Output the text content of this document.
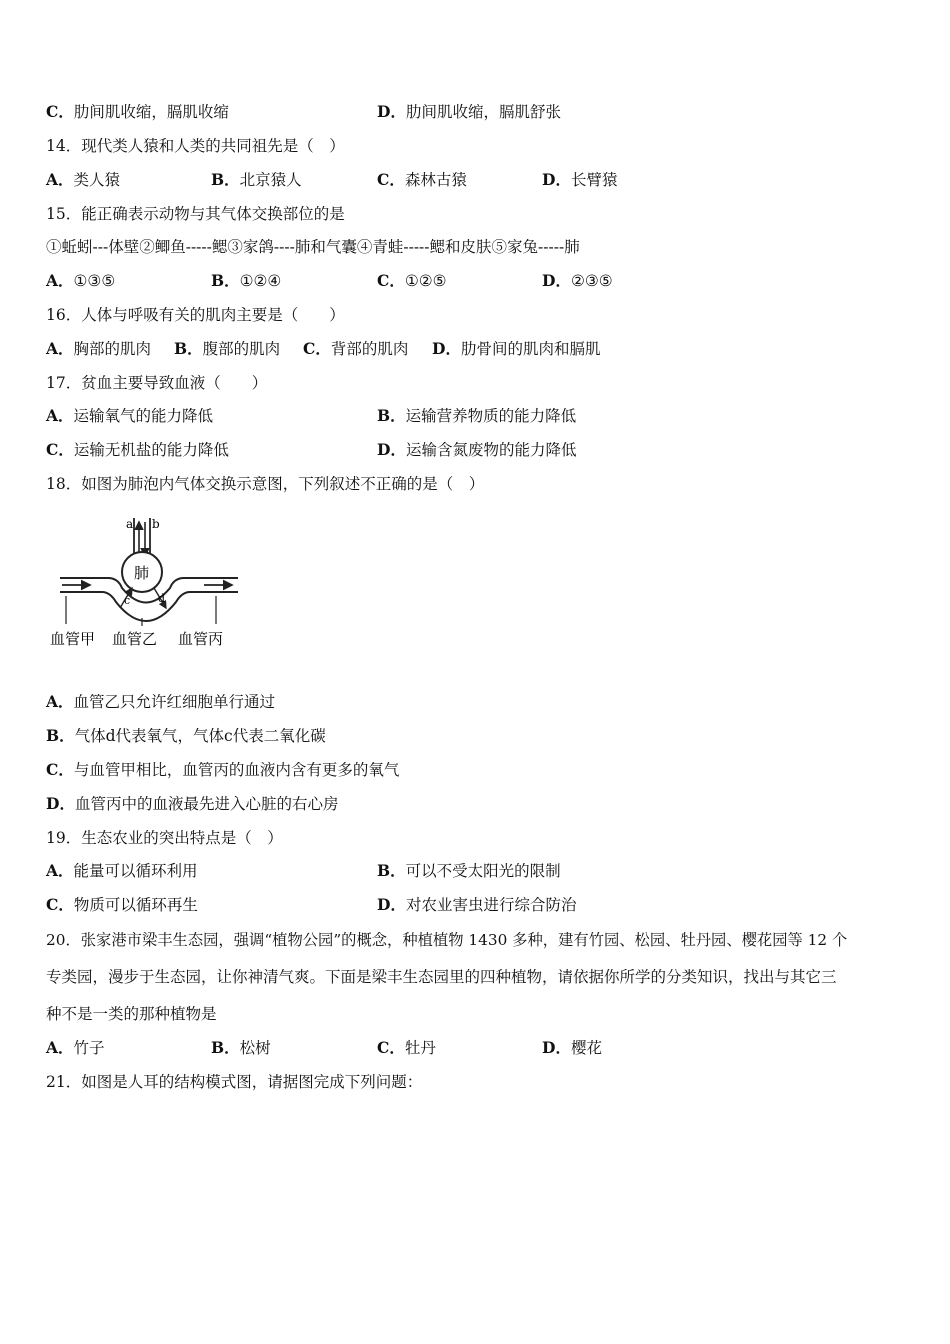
C．肋间肌收缩，膈肌收缩	D．肋间肌收缩，膈肌舒张
14．现代类人猿和人类的共同祖先是（　）
A．类人猿	B．北京猿人	C．森林古猿	D．长臂猿
15．能正确表示动物与其气体交换部位的是
①蚯蚓---体壁②鲫鱼-----鳃③家鸽----肺和气囊④青蛙-----鳃和皮肤⑤家兔-----肺
A．①③⑤	B．①②④	C．①②⑤	D．②③⑤
16．人体与呼吸有关的肌肉主要是（　　）
A．胸部的肌肉 B．腹部的肌肉 C．背部的肌肉 D．肋骨间的肌肉和膈肌
17．贫血主要导致血液（　　）
A．运输氧气的能力降低	B．运输营养物质的能力降低
C．运输无机盐的能力降低	D．运输含氮废物的能力降低
18．如图为肺泡内气体交换示意图，下列叙述不正确的是（　）
a b
肺
c	d
血管甲 血管乙 血管丙
A．血管乙只允许红细胞单行通过
B．气体d代表氧气，气体c代表二氧化碳
C．与血管甲相比，血管丙的血液内含有更多的氧气
D．血管丙中的血液最先进入心脏的右心房
19．生态农业的突出特点是（　）
A．能量可以循环利用	B．可以不受太阳光的限制
C．物质可以循环再生	D．对农业害虫进行综合防治
20．张家港市梁丰生态园，强调“植物公园”的概念，种植植物 1430 多种，建有竹园、松园、牡丹园、樱花园等 12 个
专类园，漫步于生态园，让你神清气爽。下面是梁丰生态园里的四种植物，请依据你所学的分类知识，找出与其它三
种不是一类的那种植物是
A．竹子	B．松树	C．牡丹	D．樱花
21．如图是人耳的结构模式图，请据图完成下列问题：
